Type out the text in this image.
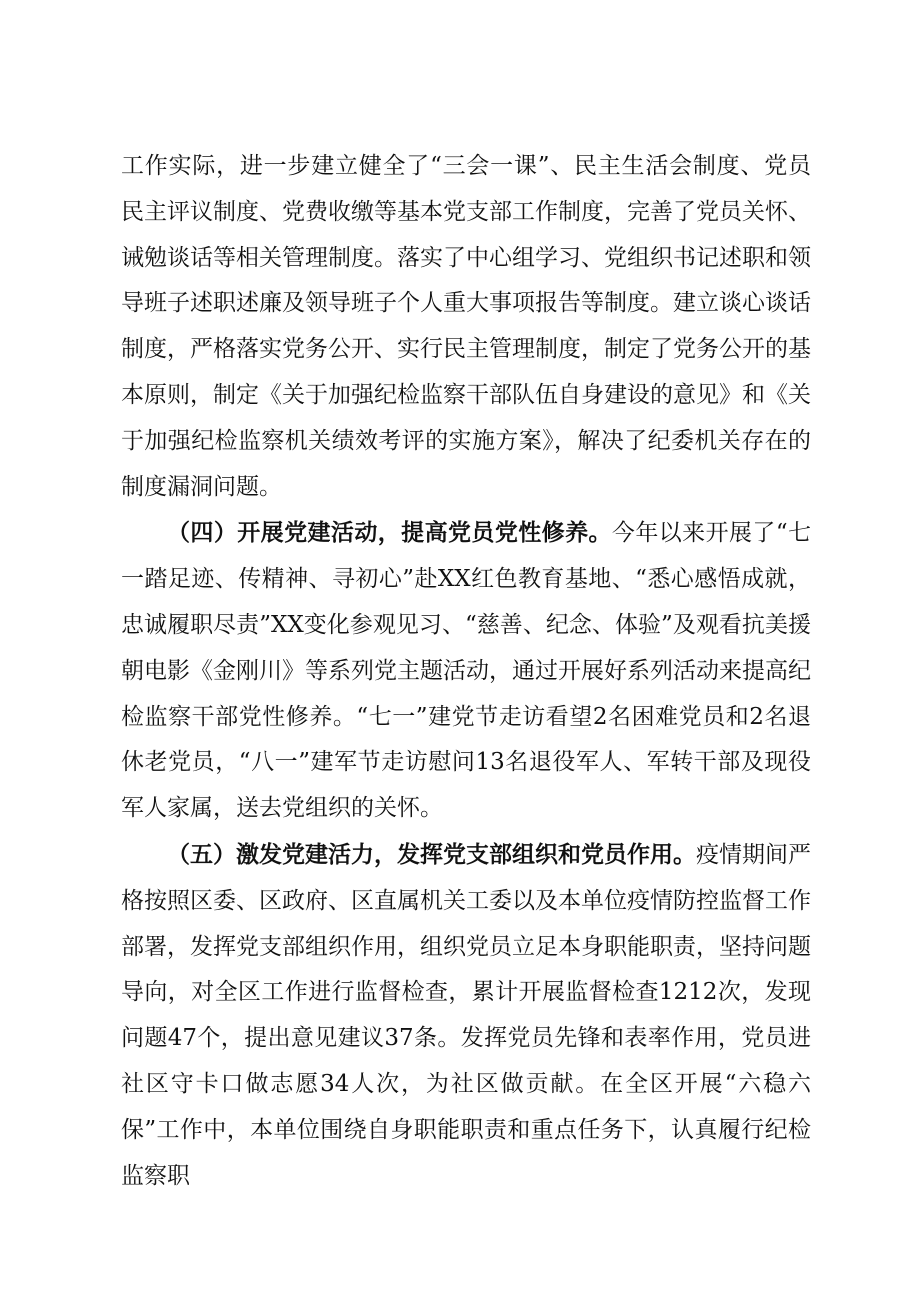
工作实际，进一步建立健全了“三会一课”、民主生活会制度、党员民主评议制度、党费收缴等基本党支部工作制度，完善了党员关怀、诫勉谈话等相关管理制度。落实了中心组学习、党组织书记述职和领导班子述职述廉及领导班子个人重大事项报告等制度。建立谈心谈话制度，严格落实党务公开、实行民主管理制度，制定了党务公开的基本原则，制定《关于加强纪检监察干部队伍自身建设的意见》和《关于加强纪检监察机关绩效考评的实施方案》，解决了纪委机关存在的制度漏洞问题。

（四）开展党建活动，提高党员党性修养。今年以来开展了“七一踏足迹、传精神、寻初心”赴XX红色教育基地、“悉心感悟成就，忠诚履职尽责”XX变化参观见习、“慈善、纪念、体验”及观看抗美援朝电影《金刚川》等系列党主题活动，通过开展好系列活动来提高纪检监察干部党性修养。“七一”建党节走访看望2名困难党员和2名退休老党员，“八一”建军节走访慰问13名退役军人、军转干部及现役军人家属，送去党组织的关怀。

（五）激发党建活力，发挥党支部组织和党员作用。疫情期间严格按照区委、区政府、区直属机关工委以及本单位疫情防控监督工作部署，发挥党支部组织作用，组织党员立足本身职能职责，坚持问题导向，对全区工作进行监督检查，累计开展监督检查1212次，发现问题47个，提出意见建议37条。发挥党员先锋和表率作用，党员进社区守卡口做志愿34人次，为社区做贡献。在全区开展“六稳六保”工作中，本单位围绕自身职能职责和重点任务下，认真履行纪检监察职
